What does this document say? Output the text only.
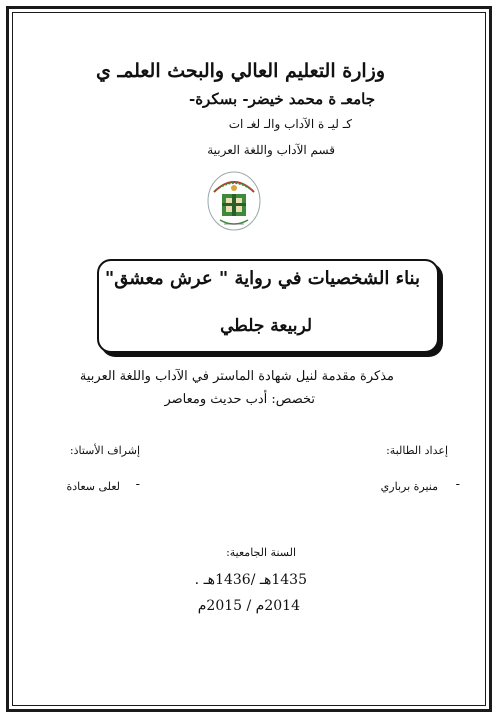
وزارة التعليم العالي والبحث العلمـ ي
جامعـ ة محمد خيضر- بسكرة-
كـ ليـ ة الآداب والـ لغـ ات
قسم الآداب واللغة العربية
بناء الشخصيات في رواية " عرش معشق"
لربيعة جلطي
مذكرة مقدمة لنيل شهادة الماستر في الآداب واللغة العربية
تخصص: أدب حديث ومعاصر
إعداد الطالبة:
إشراف الأستاذ:
منيرة برباري -
لعلى سعادة -
السنة الجامعية:
1435هـ /1436هـ .
2014م / 2015م
